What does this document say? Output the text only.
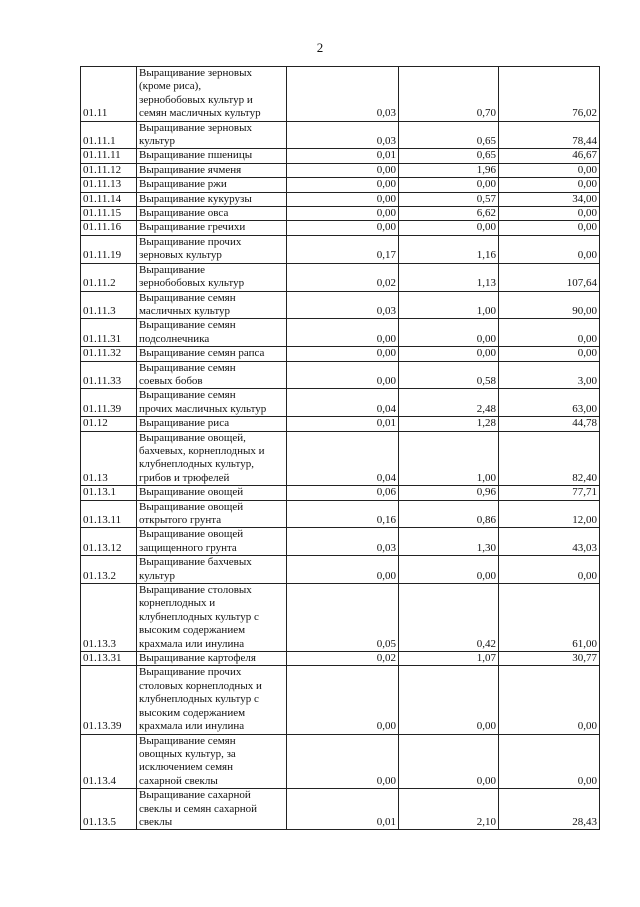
2
01.11	Выращивание зерновых
(кроме риса),
зернобобовых культур и
семян масличных культур	0,03	0,70	76,02
01.11.1	Выращивание зерновых
культур	0,03	0,65	78,44
01.11.11	Выращивание пшеницы	0,01	0,65	46,67
01.11.12	Выращивание ячменя	0,00	1,96	0,00
01.11.13	Выращивание ржи	0,00	0,00	0,00
01.11.14	Выращивание кукурузы	0,00	0,57	34,00
01.11.15	Выращивание овса	0,00	6,62	0,00
01.11.16	Выращивание гречихи	0,00	0,00	0,00
01.11.19	Выращивание прочих
зерновых культур	0,17	1,16	0,00
01.11.2	Выращивание
зернобобовых культур	0,02	1,13	107,64
01.11.3	Выращивание семян
масличных культур	0,03	1,00	90,00
01.11.31	Выращивание семян
подсолнечника	0,00	0,00	0,00
01.11.32	Выращивание семян рапса	0,00	0,00	0,00
01.11.33	Выращивание семян
соевых бобов	0,00	0,58	3,00
01.11.39	Выращивание семян
прочих масличных культур	0,04	2,48	63,00
01.12	Выращивание риса	0,01	1,28	44,78
01.13	Выращивание овощей,
бахчевых, корнеплодных и
клубнеплодных культур,
грибов и трюфелей	0,04	1,00	82,40
01.13.1	Выращивание овощей	0,06	0,96	77,71
01.13.11	Выращивание овощей
открытого грунта	0,16	0,86	12,00
01.13.12	Выращивание овощей
защищенного грунта	0,03	1,30	43,03
01.13.2	Выращивание бахчевых
культур	0,00	0,00	0,00
01.13.3	Выращивание столовых
корнеплодных и
клубнеплодных культур с
высоким содержанием
крахмала или инулина	0,05	0,42	61,00
01.13.31	Выращивание картофеля	0,02	1,07	30,77
01.13.39	Выращивание прочих
столовых корнеплодных и
клубнеплодных культур с
высоким содержанием
крахмала или инулина	0,00	0,00	0,00
01.13.4	Выращивание семян
овощных культур, за
исключением семян
сахарной свеклы	0,00	0,00	0,00
01.13.5	Выращивание сахарной
свеклы и семян сахарной
свеклы	0,01	2,10	28,43
